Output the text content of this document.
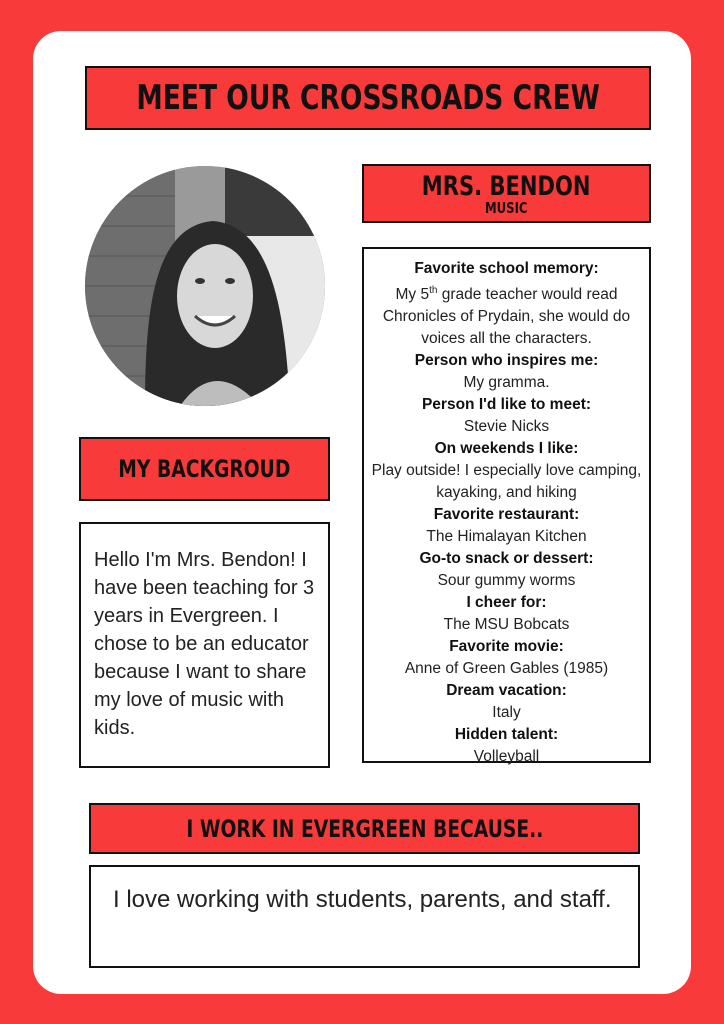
MEET OUR CROSSROADS CREW
MRS. BENDON
MUSIC
Favorite school memory:
My 5th grade teacher would read Chronicles of Prydain, she would do voices all the characters.
Person who inspires me:
My gramma.
Person I'd like to meet:
Stevie Nicks
On weekends I like:
Play outside! I especially love camping, kayaking, and hiking
Favorite restaurant:
The Himalayan Kitchen
Go-to snack or dessert:
Sour gummy worms
I cheer for:
The MSU Bobcats
Favorite movie:
Anne of Green Gables (1985)
Dream vacation:
Italy
Hidden talent:
Volleyball
MY BACKGROUD

Hello I'm Mrs. Bendon! I have been teaching for 3 years in Evergreen. I chose to be an educator because I want to share my love of music with kids.

I WORK IN EVERGREEN BECAUSE..

I love working with students, parents, and staff.
